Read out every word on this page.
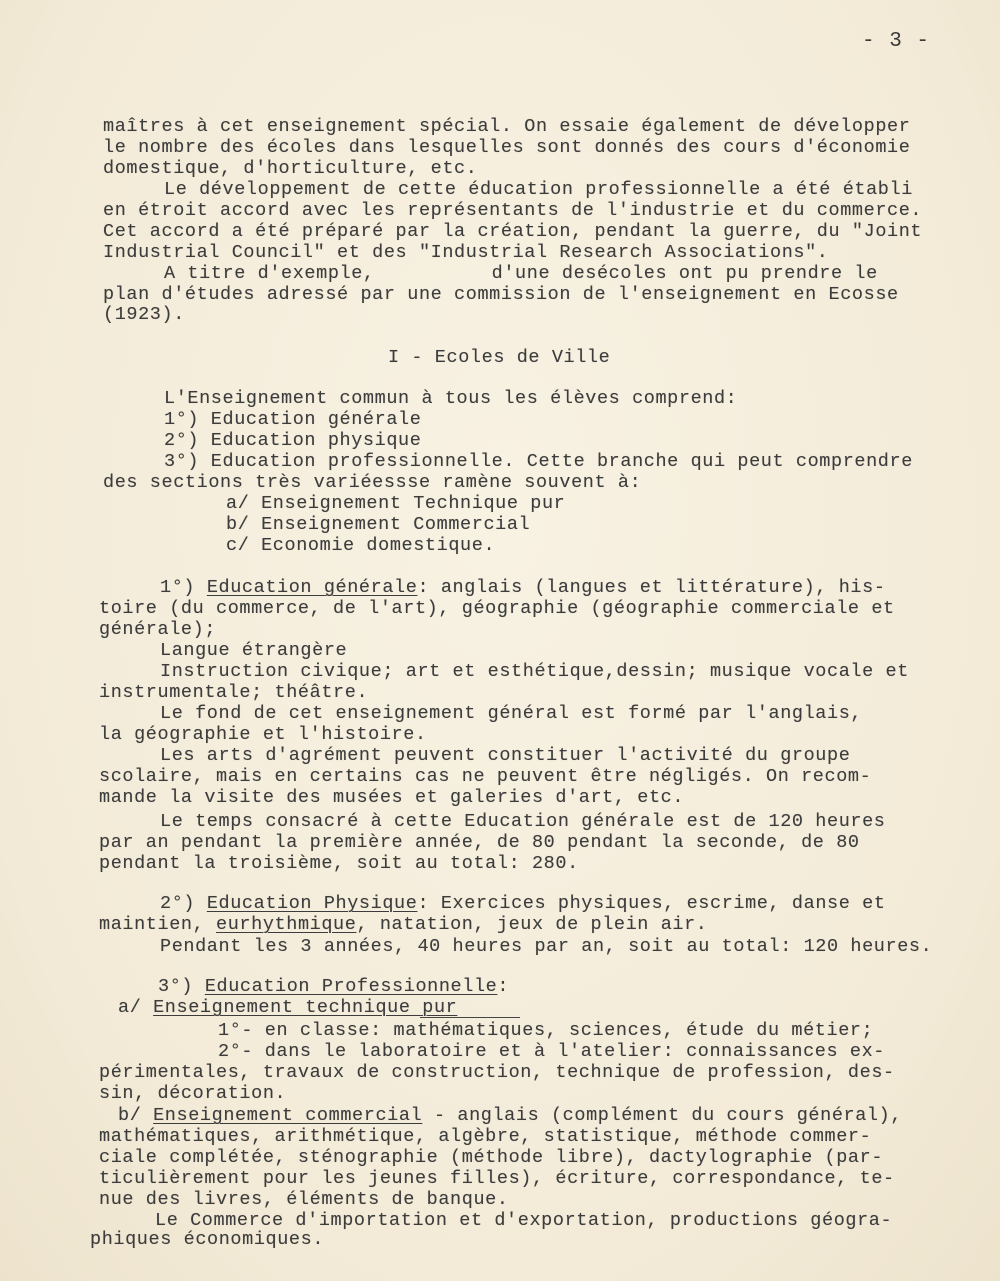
- 3 -
maîtres à cet enseignement spécial. On essaie également de développer
le nombre des écoles dans lesquelles sont donnés des cours d'économie
domestique, d'horticulture, etc.
Le développement de cette éducation professionnelle a été établi
en étroit accord avec les représentants de l'industrie et du commerce.
Cet accord a été préparé par la création, pendant la guerre, du "Joint
Industrial Council" et des "Industrial Research Associations".
A titre d'exemple,          d'une desécoles ont pu prendre le
plan d'études adressé par une commission de l'enseignement en Ecosse
(1923).
I - Ecoles de Ville
L'Enseignement commun à tous les élèves comprend:
1°) Education générale
2°) Education physique
3°) Education professionnelle. Cette branche qui peut comprendre
des sections très variéessse ramène souvent à:
a/ Enseignement Technique pur
b/ Enseignement Commercial
c/ Economie domestique.
1°) Education générale: anglais (langues et littérature), his-
toire (du commerce, de l'art), géographie (géographie commerciale et
générale);
Langue étrangère
Instruction civique; art et esthétique,dessin; musique vocale et
instrumentale; théâtre.
Le fond de cet enseignement général est formé par l'anglais,
la géographie et l'histoire.
Les arts d'agrément peuvent constituer l'activité du groupe
scolaire, mais en certains cas ne peuvent être négligés. On recom-
mande la visite des musées et galeries d'art, etc.
Le temps consacré à cette Education générale est de 120 heures
par an pendant la première année, de 80 pendant la seconde, de 80
pendant la troisième, soit au total: 280.
2°) Education Physique: Exercices physiques, escrime, danse et
maintien, eurhythmique, natation, jeux de plein air.
Pendant les 3 années, 40 heures par an, soit au total: 120 heures.
3°) Education Professionnelle:
a/ Enseignement technique pur
1°- en classe: mathématiques, sciences, étude du métier;
2°- dans le laboratoire et à l'atelier: connaissances ex-
périmentales, travaux de construction, technique de profession, des-
sin, décoration.
b/ Enseignement commercial - anglais (complément du cours général),
mathématiques, arithmétique, algèbre, statistique, méthode commer-
ciale complétée, sténographie (méthode libre), dactylographie (par-
ticulièrement pour les jeunes filles), écriture, correspondance, te-
nue des livres, éléments de banque.
Le Commerce d'importation et d'exportation, productions géogra-
phiques économiques.
